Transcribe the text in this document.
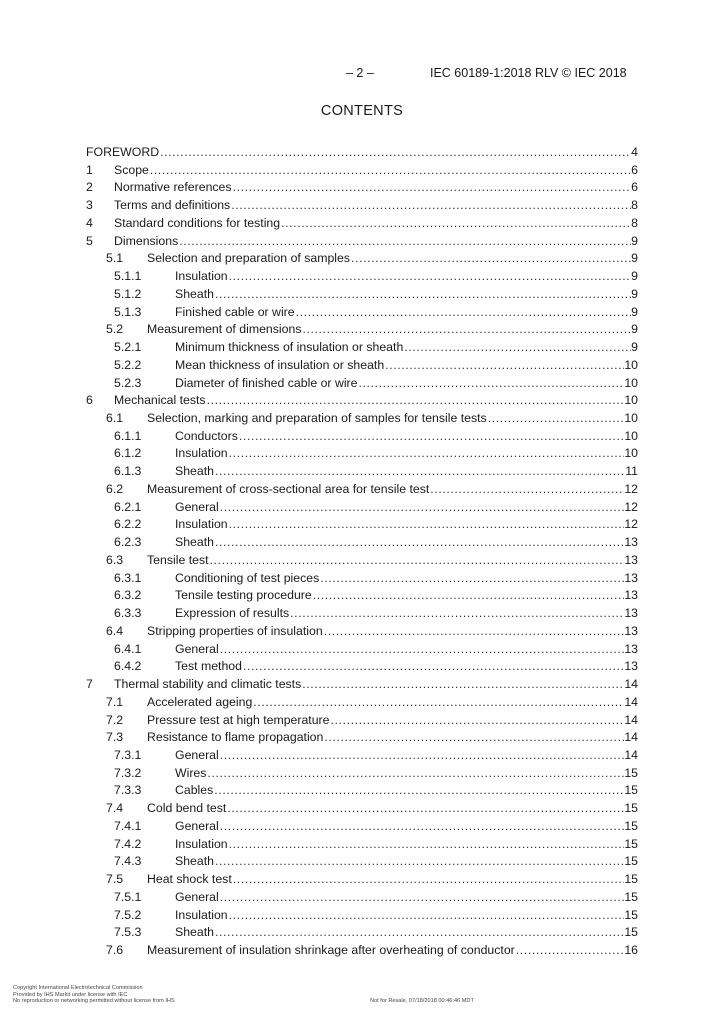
– 2 –	IEC 60189-1:2018 RLV © IEC 2018
CONTENTS
FOREWORD .....	4
1 Scope .....	6
2 Normative references .....	6
3 Terms and definitions .....	8
4 Standard conditions for testing .....	8
5 Dimensions .....	9
5.1 Selection and preparation of samples .....	9
5.1.1	Insulation .....	9
5.1.2	Sheath .....	9
5.1.3	Finished cable or wire .....	9
5.2 Measurement of dimensions .....	9
5.2.1	Minimum thickness of insulation or sheath .....	9
5.2.2	Mean thickness of insulation or sheath .....	10
5.2.3	Diameter of finished cable or wire .....	10
6 Mechanical tests .....	10
6.1 Selection, marking and preparation of samples for tensile tests .....	10
6.1.1	Conductors .....	10
6.1.2	Insulation .....	10
6.1.3	Sheath .....	11
6.2 Measurement of cross-sectional area for tensile test .....	12
6.2.1	General .....	12
6.2.2	Insulation .....	12
6.2.3	Sheath .....	13
6.3 Tensile test .....	13
6.3.1	Conditioning of test pieces .....	13
6.3.2	Tensile testing procedure .....	13
6.3.3	Expression of results .....	13
6.4 Stripping properties of insulation .....	13
6.4.1	General .....	13
6.4.2	Test method .....	13
7 Thermal stability and climatic tests .....	14
7.1 Accelerated ageing .....	14
7.2 Pressure test at high temperature .....	14
7.3 Resistance to flame propagation .....	14
7.3.1	General .....	14
7.3.2	Wires .....	15
7.3.3	Cables .....	15
7.4 Cold bend test .....	15
7.4.1	General .....	15
7.4.2	Insulation .....	15
7.4.3	Sheath .....	15
7.5 Heat shock test .....	15
7.5.1	General .....	15
7.5.2	Insulation .....	15
7.5.3	Sheath .....	15
7.6 Measurement of insulation shrinkage after overheating of conductor .....	16
Copyright International Electrotechnical Commission
Provided by IHS Markit under license with IEC
No reproduction or networking permitted without license from IHS	Not for Resale, 07/18/2018 00:46:46 MDT
